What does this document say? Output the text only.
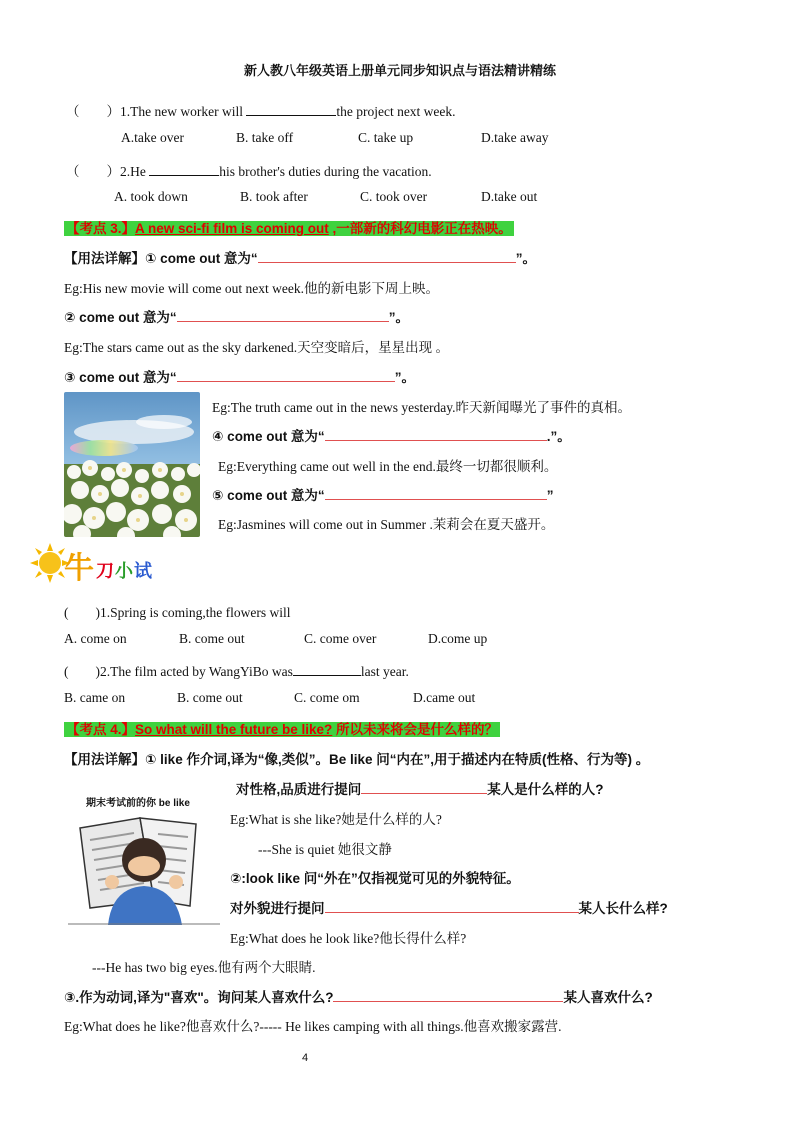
新人教八年级英语上册单元同步知识点与语法精讲精练
（　　）1.The new worker will	the project next week.
A.take over	B. take off	C. take up	D.take away
（　　）2.He	his brother's duties during the vacation.
A. took down	B. took after	C. took over	D.take out
【考点 3.】A new sci-fi film is coming out ,一部新的科幻电影正在热映。
【用法详解】① come out 意为“	”。
Eg:His new movie will come out next week.他的新电影下周上映。
② come out 意为“	”。
Eg:The stars came out as the sky darkened.天空变暗后，星星出现 。
③ come out 意为“	”。
Eg:The truth came out in the news yesterday.昨天新闻曝光了事件的真相。
④ come out 意为“	.”。
Eg:Everything came out well in the end.最终一切都很顺利。
⑤ come out 意为“	”
Eg:Jasmines will come out in Summer .茉莉会在夏天盛开。
牛 刀 小 试
(　　)1.Spring is coming,the flowers will
A. come on	B. come out	C. come over	D.come up
(　　)2.The film acted by WangYiBo was	last year.
B. came on	B. come out	C. come om	D.came out
【考点 4.】So what will the future be like? 所以未来将会是什么样的？
【用法详解】① like 作介词,译为“像,类似”。Be like 问“内在”,用于描述内在特质(性格、行为等) 。
对性格,品质进行提问	某人是什么样的人?
期末考试前的你 be like
Eg:What is she like?她是什么样的人?
---She is quiet 她很文静
②:look like 问“外在”仅指视觉可见的外貌特征。
对外貌进行提问	某人长什么样?
Eg:What does he look like?他长得什么样?
---He has two big eyes.他有两个大眼睛.
③.作为动词,译为"喜欢"。询问某人喜欢什么?	某人喜欢什么?
Eg:What does he like?他喜欢什么?----- He likes camping with all things.他喜欢搬家露营.
4
